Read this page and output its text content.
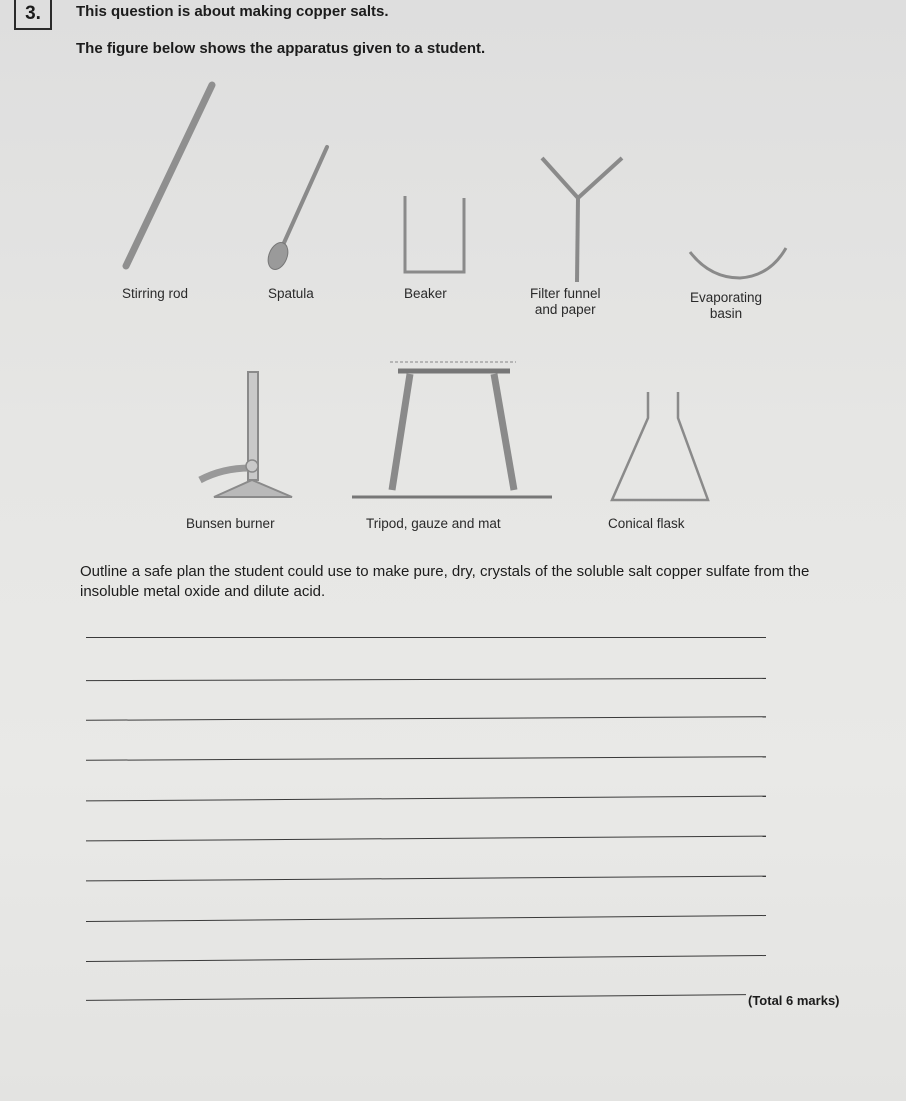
3. This question is about making copper salts.
The figure below shows the apparatus given to a student.
Stirring rod	Spatula	Beaker	Filter funnel
and paper
Evaporating
basin
Bunsen burner	Tripod, gauze and mat	Conical flask
Outline a safe plan the student could use to make pure, dry, crystals of the soluble salt copper sulfate from the insoluble metal oxide and dilute acid.
(Total 6 marks)
